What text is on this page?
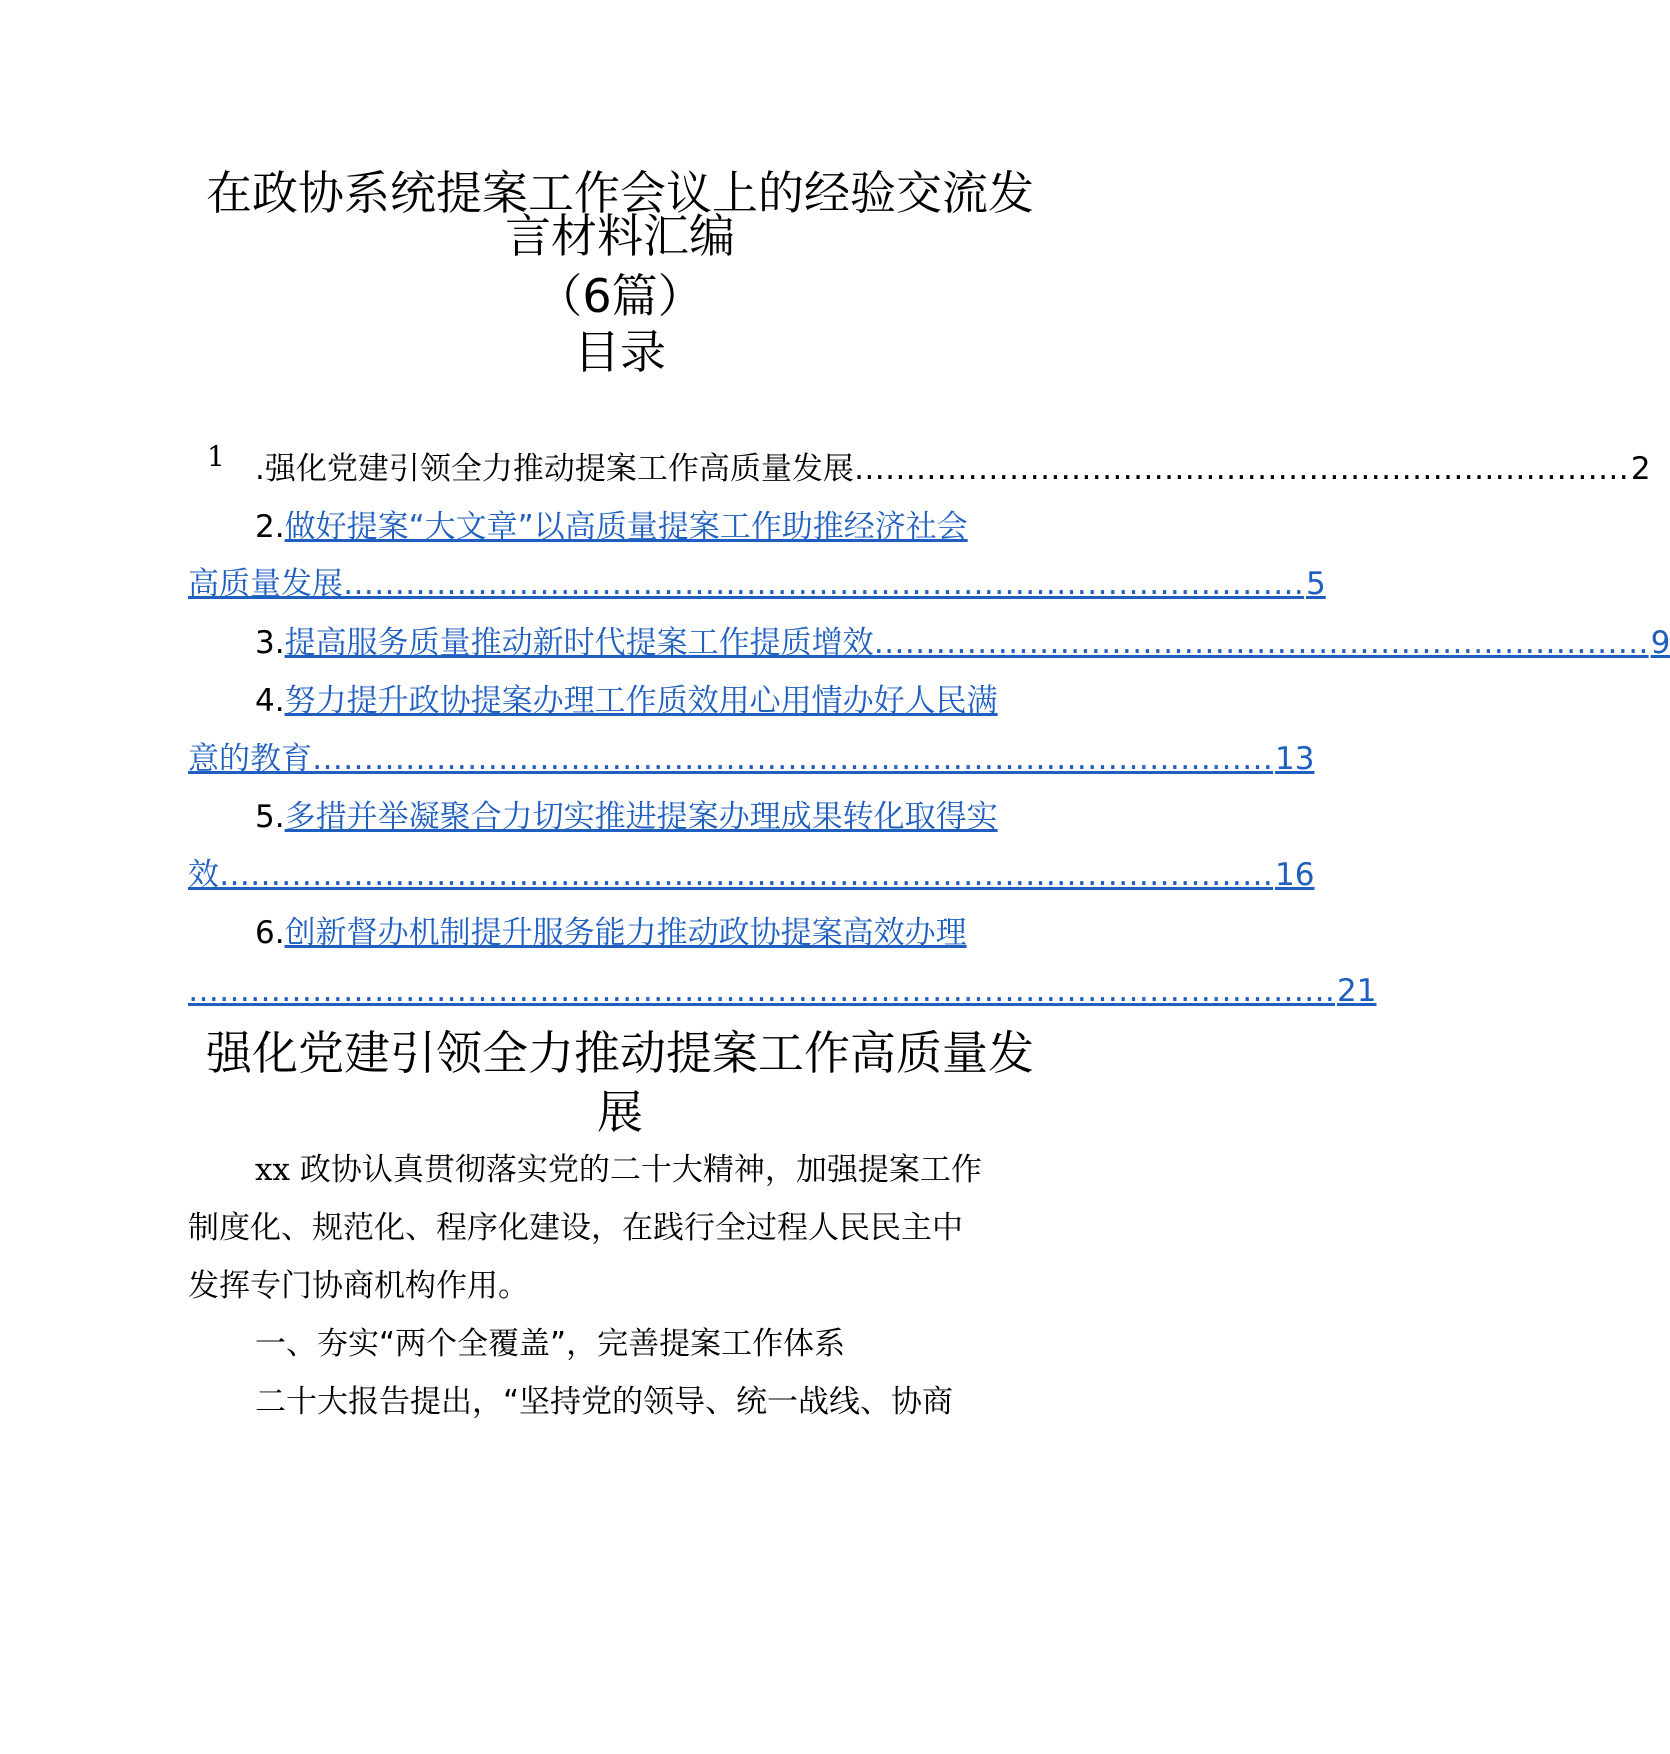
在政协系统提案工作会议上的经验交流发
言材料汇编
（6篇）
目录
1 .强化党建引领全力推动提案工作高质量发展 ………………………………………………………………… 2
2.做好提案“大文章”以高质量提案工作助推经济社会
高质量发展 ………………………………………………………………………………… 5
3. 提高服务质量推动新时代提案工作提质增效 ………………………………………………………………… 9
4.努力提升政协提案办理工作质效用心用情办好人民满
意的教育 ………………………………………………………………………………… 13
5.多措并举凝聚合力切实推进提案办理成果转化取得实
效 ………………………………………………………………………………………… 16
6.创新督办机制提升服务能力推动政协提案高效办理
………………………………………………………………………………………………… 21
强化党建引领全力推动提案工作高质量发
展
xx 政协认真贯彻落实党的二十大精神，加强提案工作
制度化、规范化、程序化建设，在践行全过程人民民主中
发挥专门协商机构作用。
一、夯实“两个全覆盖”，完善提案工作体系
二十大报告提出，“坚持党的领导、统一战线、协商
